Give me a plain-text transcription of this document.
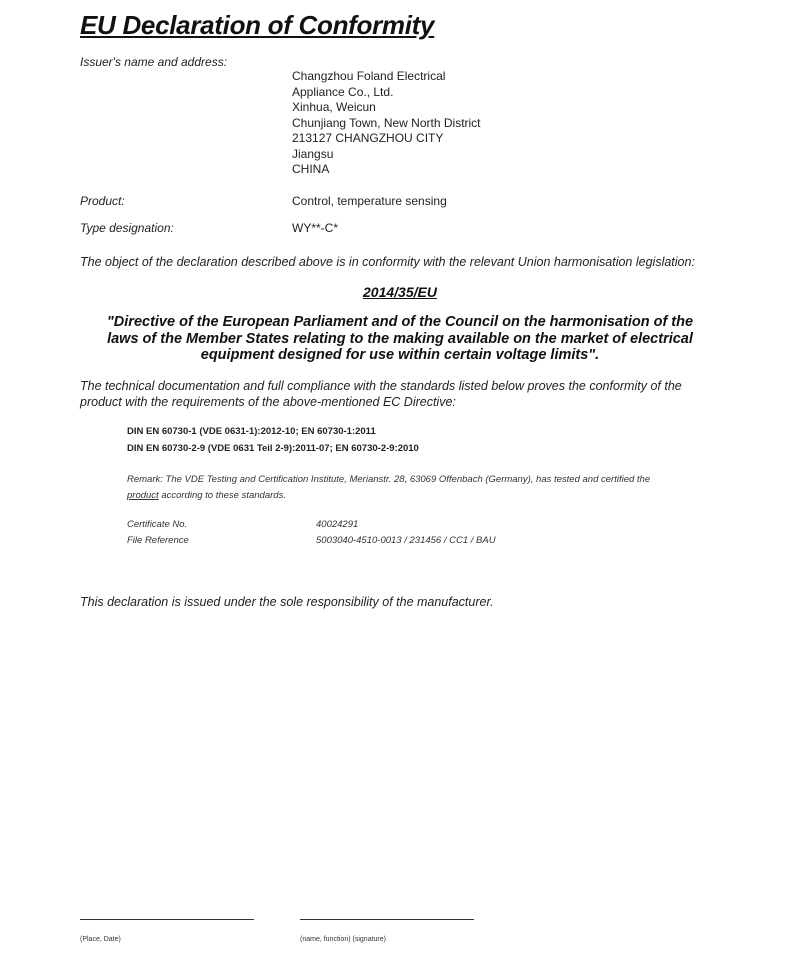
EU Declaration of Conformity
Issuer's name and address:
Changzhou Foland Electrical
Appliance Co., Ltd.
Xinhua, Weicun
Chunjiang Town, New North District
213127 CHANGZHOU CITY
Jiangsu
CHINA
Product:	Control, temperature sensing
Type designation:	WY**-C*
The object of the declaration described above is in conformity with the relevant Union harmonisation legislation:
2014/35/EU
"Directive of the European Parliament and of the Council on the harmonisation of the
laws of the Member States relating to the making available on the market of electrical
equipment designed for use within certain voltage limits".
The technical documentation and full compliance with the standards listed below proves the conformity of the
product with the requirements of the above-mentioned EC Directive:
DIN EN 60730-1 (VDE 0631-1):2012-10; EN 60730-1:2011
DIN EN 60730-2-9 (VDE 0631 Teil 2-9):2011-07; EN 60730-2-9:2010
Remark: The VDE Testing and Certification Institute, Merianstr. 28, 63069 Offenbach (Germany), has tested and certified the
product according to these standards.
Certificate No.	40024291
File Reference	5003040-4510-0013 / 231456 / CC1 / BAU
This declaration is issued under the sole responsibility of the manufacturer.
(Place, Date)	(name, function) (signature)
